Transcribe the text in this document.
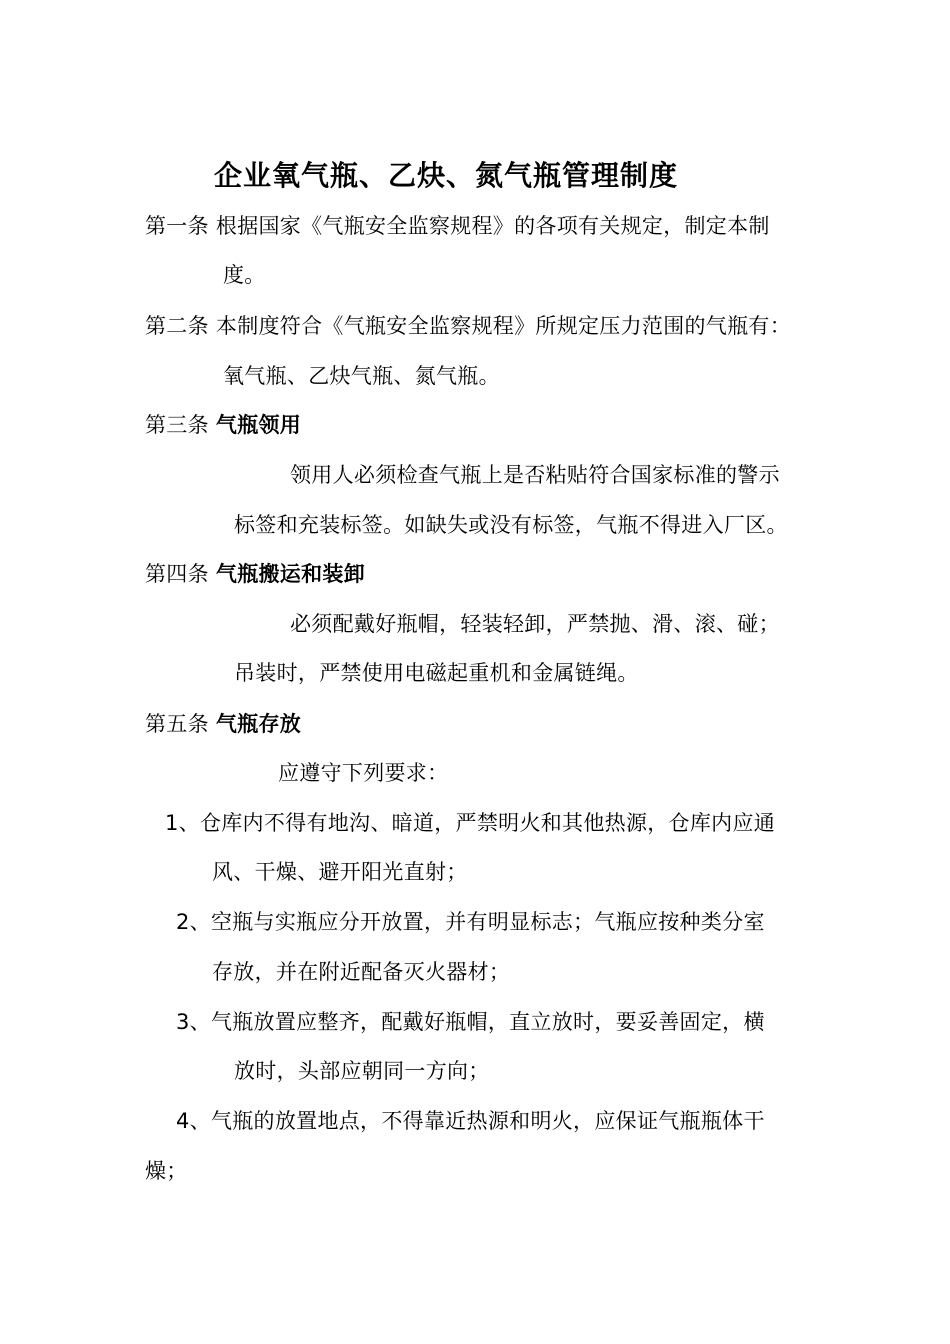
企业氧气瓶、乙炔、氮气瓶管理制度
第一条 根据国家《气瓶安全监察规程》的各项有关规定，制定本制
度。
第二条 本制度符合《气瓶安全监察规程》所规定压力范围的气瓶有：
氧气瓶、乙炔气瓶、氮气瓶。
第三条 气瓶领用
领用人必须检查气瓶上是否粘贴符合国家标准的警示
标签和充装标签。如缺失或没有标签，气瓶不得进入厂区。
第四条 气瓶搬运和装卸
必须配戴好瓶帽，轻装轻卸，严禁抛、滑、滚、碰；
吊装时，严禁使用电磁起重机和金属链绳。
第五条 气瓶存放
应遵守下列要求：
1、仓库内不得有地沟、暗道，严禁明火和其他热源，仓库内应通
风、干燥、避开阳光直射；
2、空瓶与实瓶应分开放置，并有明显标志；气瓶应按种类分室
存放，并在附近配备灭火器材；
3、气瓶放置应整齐，配戴好瓶帽，直立放时，要妥善固定，横
放时，头部应朝同一方向；
4、气瓶的放置地点，不得靠近热源和明火，应保证气瓶瓶体干
燥；
